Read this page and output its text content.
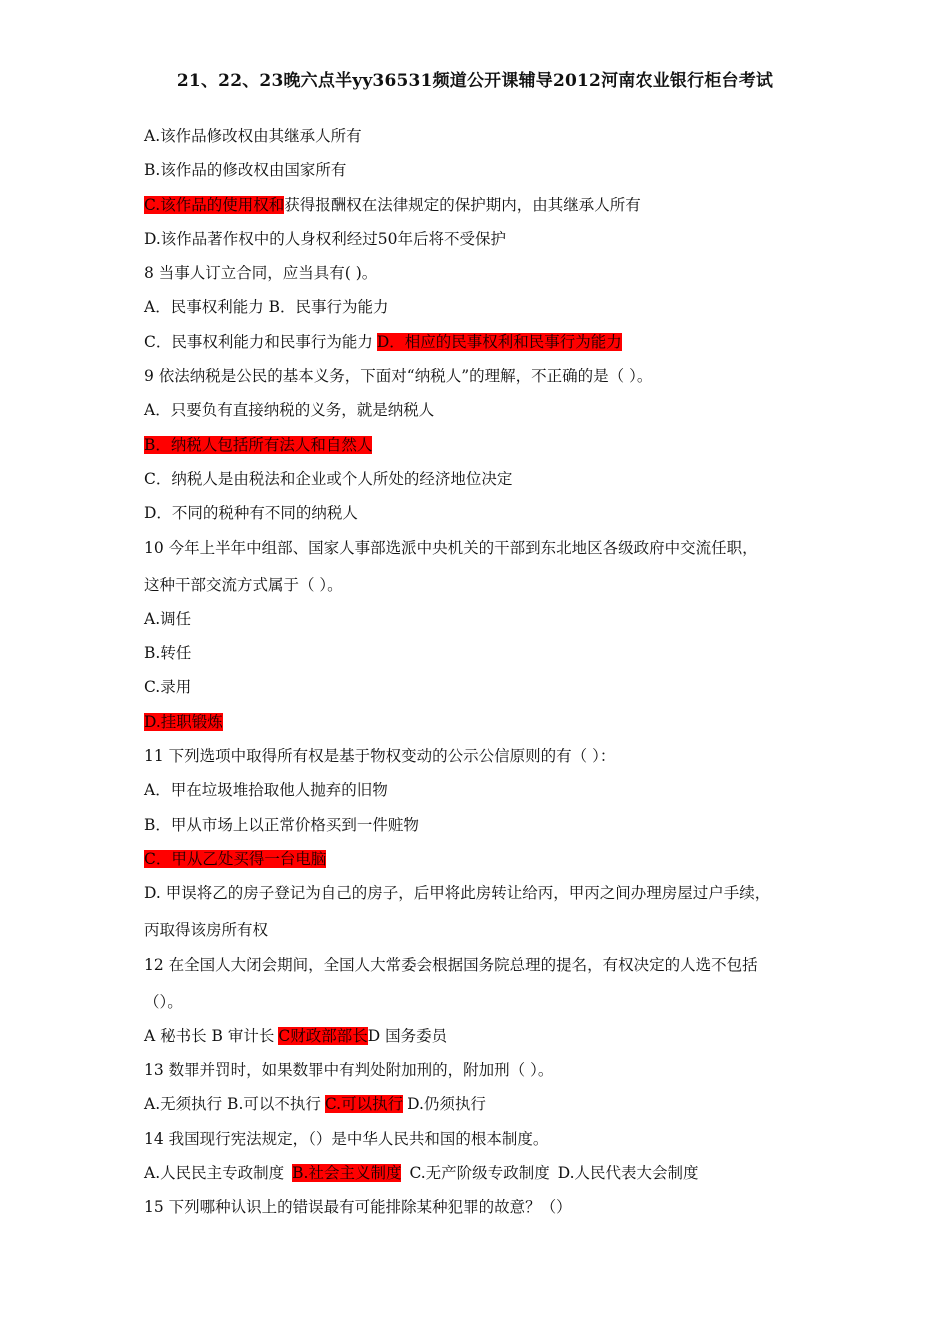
21、22、23晚六点半yy36531频道公开课辅导2012河南农业银行柜台考试
A.该作品修改权由其继承人所有
B.该作品的修改权由国家所有
C.该作品的使用权和获得报酬权在法律规定的保护期内，由其继承人所有
D.该作品著作权中的人身权利经过50年后将不受保护
8 当事人订立合同，应当具有( )。
A．民事权利能力 B．民事行为能力
C．民事权利能力和民事行为能力 D．相应的民事权利和民事行为能力
9 依法纳税是公民的基本义务，下面对“纳税人”的理解，不正确的是（ ）。
A．只要负有直接纳税的义务，就是纳税人
B．纳税人包括所有法人和自然人
C．纳税人是由税法和企业或个人所处的经济地位决定
D．不同的税种有不同的纳税人
10 今年上半年中组部、国家人事部选派中央机关的干部到东北地区各级政府中交流任职，
这种干部交流方式属于（ ）。
A.调任
B.转任
C.录用
D.挂职锻炼
11 下列选项中取得所有权是基于物权变动的公示公信原则的有（ ）：
A．甲在垃圾堆拾取他人抛弃的旧物
B．甲从市场上以正常价格买到一件赃物
C．甲从乙处买得一台电脑
D. 甲误将乙的房子登记为自己的房子，后甲将此房转让给丙，甲丙之间办理房屋过户手续，
丙取得该房所有权
12 在全国人大闭会期间，全国人大常委会根据国务院总理的提名，有权决定的人选不包括
（）。
A 秘书长 B 审计长 C财政部部长D 国务委员
13 数罪并罚时，如果数罪中有判处附加刑的，附加刑（ ）。
A.无须执行 B.可以不执行 C.可以执行 D.仍须执行
14 我国现行宪法规定，（）是中华人民共和国的根本制度。
A.人民民主专政制度 B.社会主义制度 C.无产阶级专政制度 D.人民代表大会制度
15 下列哪种认识上的错误最有可能排除某种犯罪的故意？（）
